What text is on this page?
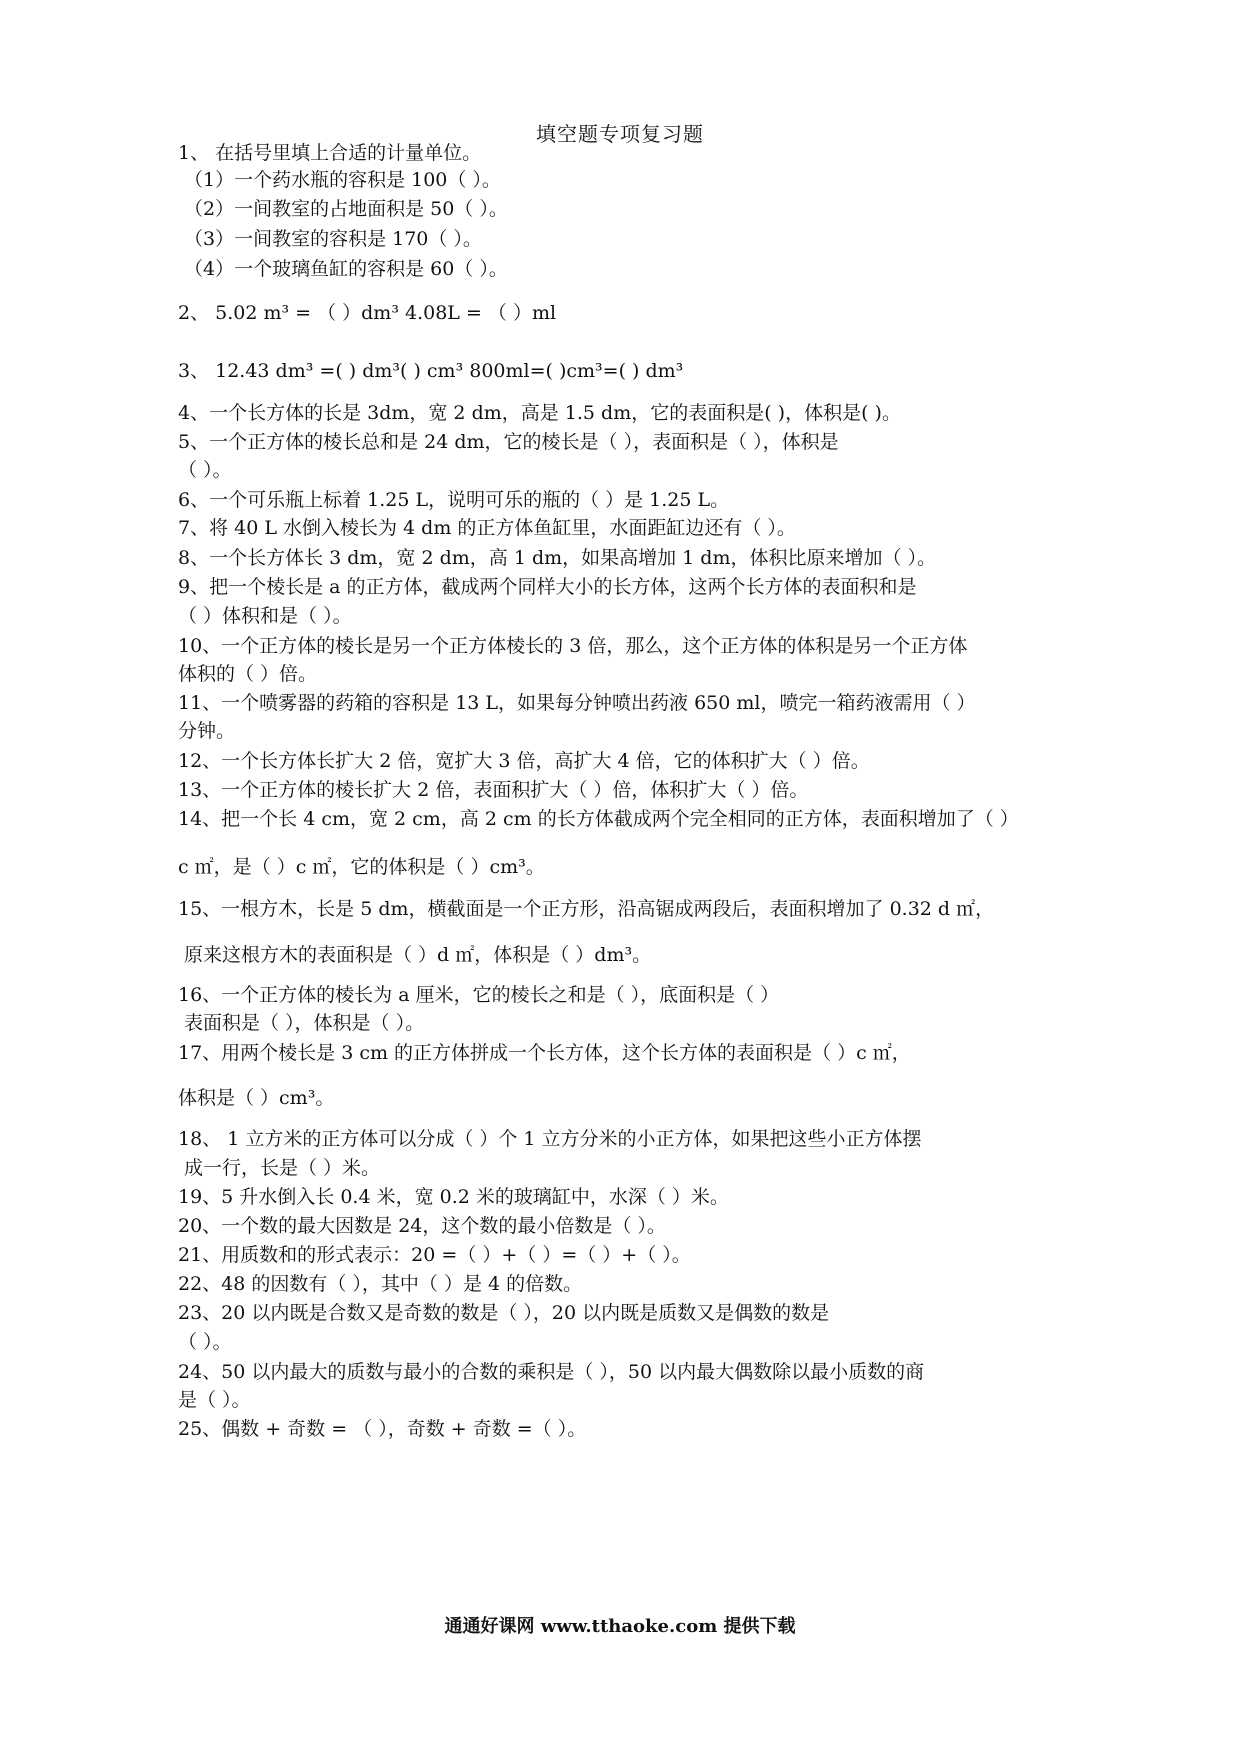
填空题专项复习题
1、 在括号里填上合适的计量单位。
（1）一个药水瓶的容积是 100（ ）。
（2）一间教室的占地面积是 50（ ）。
（3）一间教室的容积是 170（ ）。
（4）一个玻璃鱼缸的容积是 60（ ）。
2、 5.02 m³ = （ ）dm³ 4.08L = （ ）ml
3、 12.43 dm³ =( ) dm³( ) cm³ 800ml=( )cm³=( ) dm³
4、一个长方体的长是 3dm，宽 2 dm，高是 1.5 dm，它的表面积是( )，体积是( )。
5、一个正方体的棱长总和是 24 dm，它的棱长是（ ），表面积是（ ），体积是
（ ）。
6、一个可乐瓶上标着 1.25 L，说明可乐的瓶的（ ）是 1.25 L。
7、将 40 L 水倒入棱长为 4 dm 的正方体鱼缸里，水面距缸边还有（ ）。
8、一个长方体长 3 dm，宽 2 dm，高 1 dm，如果高增加 1 dm，体积比原来增加（ ）。
9、把一个棱长是 a 的正方体，截成两个同样大小的长方体，这两个长方体的表面积和是
（ ）体积和是（ ）。
10、一个正方体的棱长是另一个正方体棱长的 3 倍，那么，这个正方体的体积是另一个正方体
体积的（ ）倍。
11、一个喷雾器的药箱的容积是 13 L，如果每分钟喷出药液 650 ml，喷完一箱药液需用（ ）
分钟。
12、一个长方体长扩大 2 倍，宽扩大 3 倍，高扩大 4 倍，它的体积扩大（ ）倍。
13、一个正方体的棱长扩大 2 倍，表面积扩大（ ）倍，体积扩大（ ）倍。
14、把一个长 4 cm，宽 2 cm，高 2 cm 的长方体截成两个完全相同的正方体，表面积增加了（ ）
c ㎡，是（ ）c ㎡，它的体积是（ ）cm³。
15、一根方木，长是 5 dm，横截面是一个正方形，沿高锯成两段后，表面积增加了 0.32 d ㎡，
原来这根方木的表面积是（ ）d ㎡，体积是（ ）dm³。
16、一个正方体的棱长为 a 厘米，它的棱长之和是（ ），底面积是（ ）
表面积是（ ），体积是（ ）。
17、用两个棱长是 3 cm 的正方体拼成一个长方体，这个长方体的表面积是（ ）c ㎡，
体积是（ ）cm³。
18、 1 立方米的正方体可以分成（ ）个 1 立方分米的小正方体，如果把这些小正方体摆
成一行，长是（ ）米。
19、5 升水倒入长 0.4 米，宽 0.2 米的玻璃缸中，水深（ ）米。
20、一个数的最大因数是 24，这个数的最小倍数是（ ）。
21、用质数和的形式表示：20 =（ ）+（ ）=（ ）+（ ）。
22、48 的因数有（ ），其中（ ）是 4 的倍数。
23、20 以内既是合数又是奇数的数是（ ），20 以内既是质数又是偶数的数是
（ ）。
24、50 以内最大的质数与最小的合数的乘积是（ ），50 以内最大偶数除以最小质数的商
是（ ）。
25、偶数 + 奇数 = （ ），奇数 + 奇数 =（ ）。
通通好课网 www.tthaoke.com 提供下载
